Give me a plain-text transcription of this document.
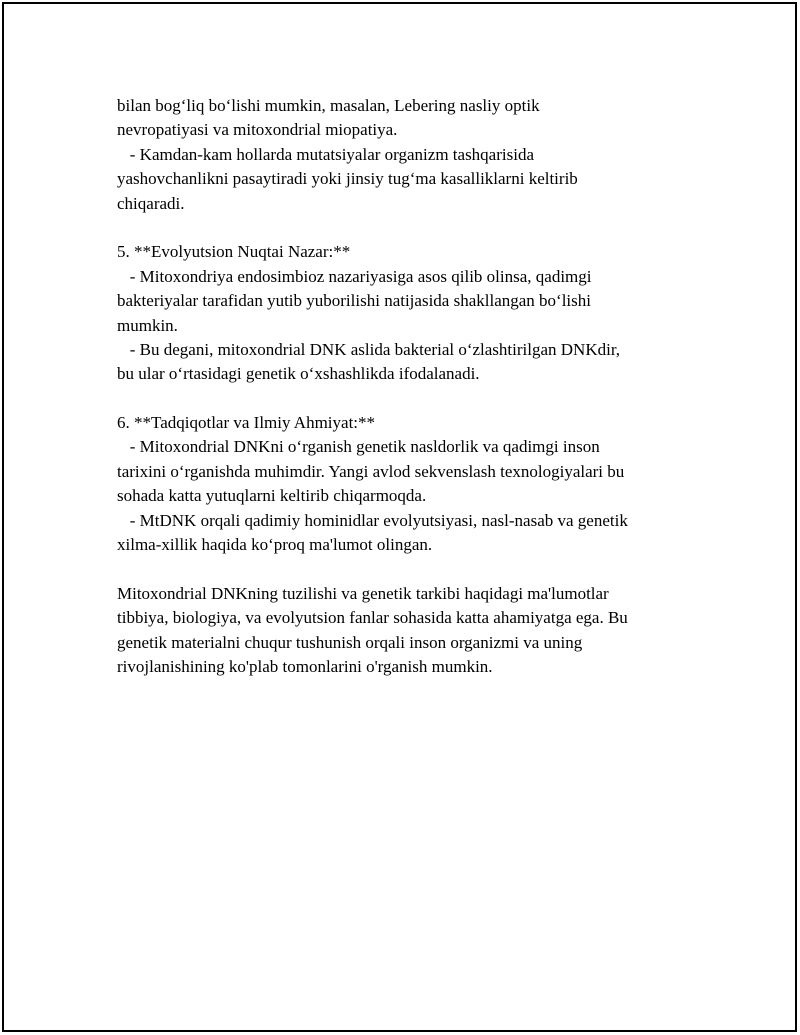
bilan bog‘liq bo‘lishi mumkin, masalan, Lebering nasliy optik
nevropatiyasi va mitoxondrial miopatiya.
- Kamdan-kam hollarda mutatsiyalar organizm tashqarisida
yashovchanlikni pasaytiradi yoki jinsiy tug‘ma kasalliklarni keltirib
chiqaradi.
5. **Evolyutsion Nuqtai Nazar:**
- Mitoxondriya endosimbioz nazariyasiga asos qilib olinsa, qadimgi
bakteriyalar tarafidan yutib yuborilishi natijasida shakllangan bo‘lishi
mumkin.
- Bu degani, mitoxondrial DNK aslida bakterial o‘zlashtirilgan DNKdir,
bu ular o‘rtasidagi genetik o‘xshashlikda ifodalanadi.
6. **Tadqiqotlar va Ilmiy Ahmiyat:**
- Mitoxondrial DNKni o‘rganish genetik nasldorlik va qadimgi inson
tarixini o‘rganishda muhimdir. Yangi avlod sekvenslash texnologiyalari bu
sohada katta yutuqlarni keltirib chiqarmoqda.
- MtDNK orqali qadimiy hominidlar evolyutsiyasi, nasl-nasab va genetik
xilma-xillik haqida ko‘proq ma'lumot olingan.
Mitoxondrial DNKning tuzilishi va genetik tarkibi haqidagi ma'lumotlar
tibbiya, biologiya, va evolyutsion fanlar sohasida katta ahamiyatga ega. Bu
genetik materialni chuqur tushunish orqali inson organizmi va uning
rivojlanishining ko'plab tomonlarini o'rganish mumkin.
